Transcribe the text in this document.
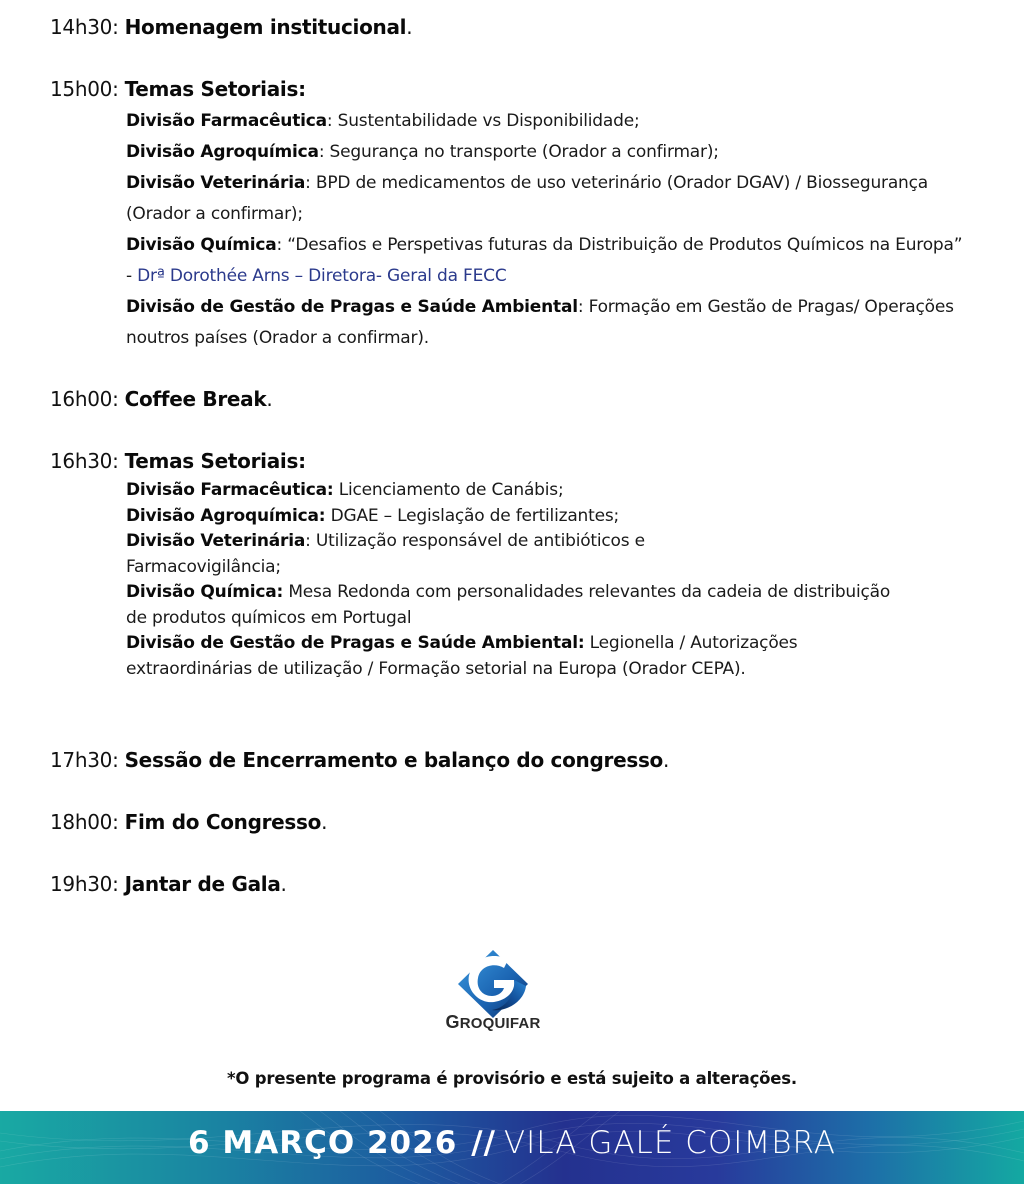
14h30: Homenagem institucional.
15h00: Temas Setoriais:
Divisão Farmacêutica: Sustentabilidade vs Disponibilidade;
Divisão Agroquímica: Segurança no transporte (Orador a confirmar);
Divisão Veterinária: BPD de medicamentos de uso veterinário (Orador DGAV) / Biossegurança (Orador a confirmar);
Divisão Química: “Desafios e Perspetivas futuras da Distribuição de Produtos Químicos na Europa” - Drª Dorothée Arns – Diretora- Geral da FECC
Divisão de Gestão de Pragas e Saúde Ambiental: Formação em Gestão de Pragas/ Operações noutros países (Orador a confirmar).
16h00: Coffee Break.
16h30: Temas Setoriais:
Divisão Farmacêutica: Licenciamento de Canábis;
Divisão Agroquímica: DGAE – Legislação de fertilizantes;
Divisão Veterinária: Utilização responsável de antibióticos e Farmacovigilância;
Divisão Química: Mesa Redonda com personalidades relevantes da cadeia de distribuição de produtos químicos em Portugal
Divisão de Gestão de Pragas e Saúde Ambiental: Legionella / Autorizações extraordinárias de utilização / Formação setorial na Europa (Orador CEPA).
17h30: Sessão de Encerramento e balanço do congresso.
18h00: Fim do Congresso.
19h30: Jantar de Gala.
GROQUIFAR
*O presente programa é provisório e está sujeito a alterações.
6 MARÇO 2026 // VILA GALÉ COIMBRA
